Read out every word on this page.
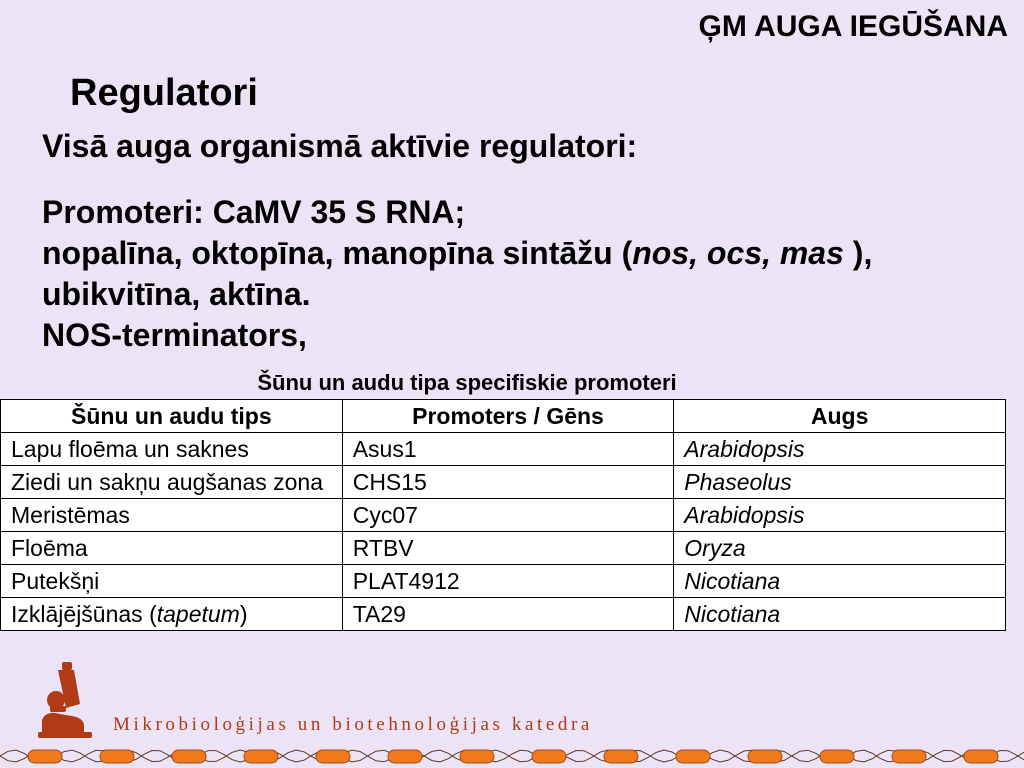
ĢM AUGA IEGŪŠANA
Regulatori
Visā auga organismā aktīvie regulatori:
Promoteri: CaMV 35 S RNA;
nopalīna, oktopīna, manopīna sintāžu (nos, ocs, mas ),
ubikvitīna, aktīna.
NOS-terminators,
Šūnu un audu tipa specifiskie promoteri
Šūnu un audu tips	Promoters / Gēns	Augs
Lapu floēma un saknes	Asus1	Arabidopsis
Ziedi un sakņu augšanas zona	CHS15	Phaseolus
Meristēmas	Cyc07	Arabidopsis
Floēma	RTBV	Oryza
Putekšņi	PLAT4912	Nicotiana
Izklājējšūnas (tapetum)	TA29	Nicotiana
Mikrobioloģijas un biotehnoloģijas katedra
